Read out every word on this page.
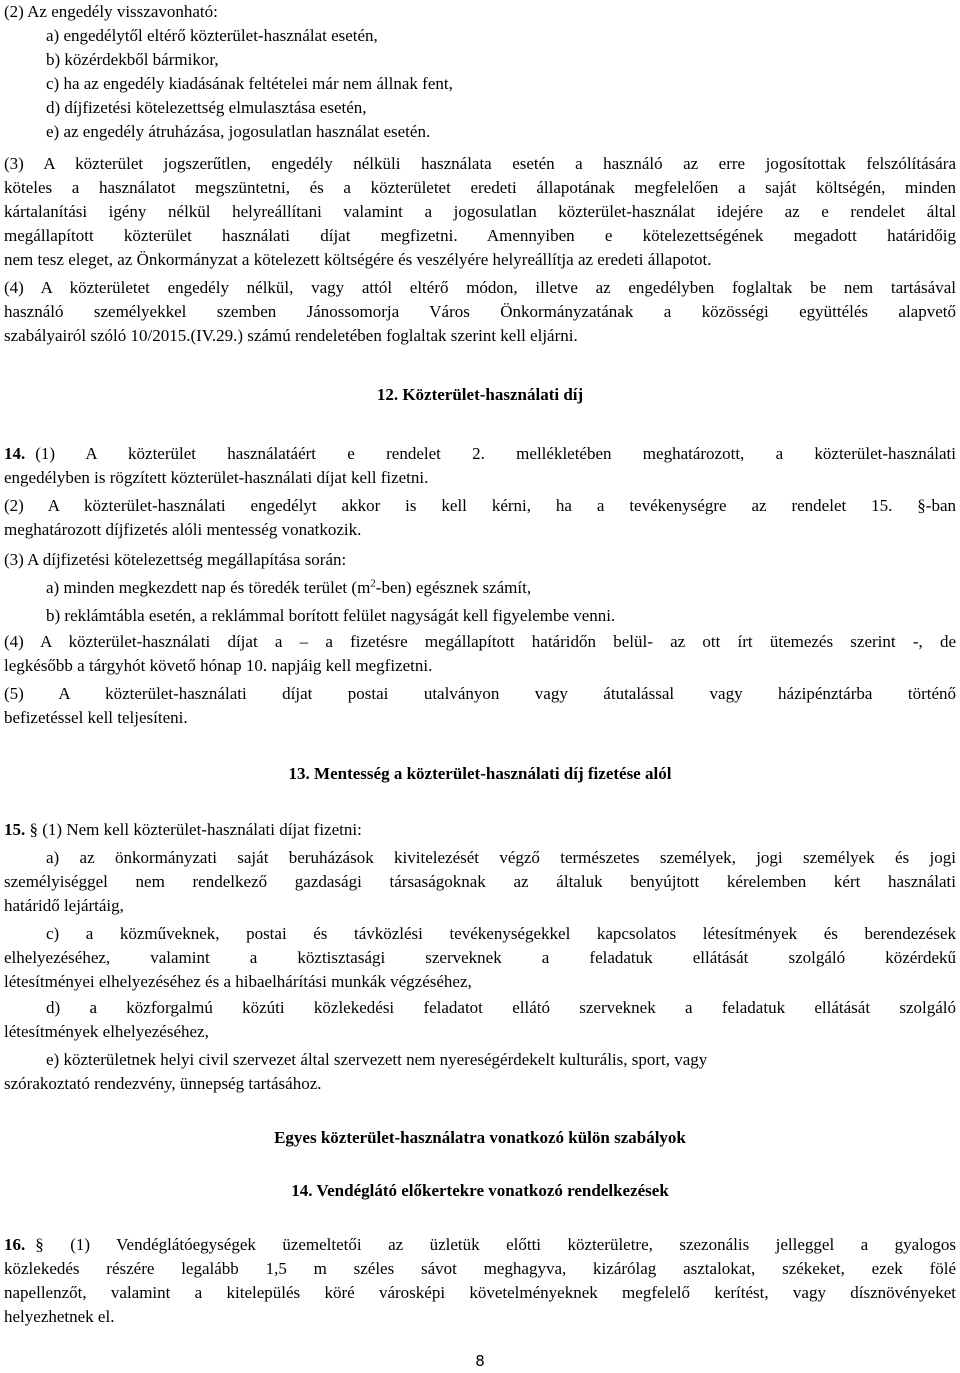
(2) Az engedély visszavonható:
a) engedélytől eltérő közterület-használat esetén,
b) közérdekből bármikor,
c) ha az engedély kiadásának feltételei már nem állnak fent,
d) díjfizetési kötelezettség elmulasztása esetén,
e) az engedély átruházása, jogosulatlan használat esetén.
(3) A közterület jogszerűtlen, engedély nélküli használata esetén a használó az erre jogosítottak felszólítására
köteles a használatot megszüntetni, és a közterületet eredeti állapotának megfelelően a saját költségén, minden
kártalanítási igény nélkül helyreállítani valamint a jogosulatlan közterület-használat idejére az e rendelet által
megállapított közterület használati díjat megfizetni. Amennyiben e kötelezettségének megadott határidőig
nem tesz eleget, az Önkormányzat a kötelezett költségére és veszélyére helyreállítja az eredeti állapotot.
(4) A közterületet engedély nélkül, vagy attól eltérő módon, illetve az engedélyben foglaltak be nem tartásával
használó személyekkel szemben Jánossomorja Város Önkormányzatának a közösségi együttélés alapvető
szabályairól szóló 10/2015.(IV.29.) számú rendeletében foglaltak szerint kell eljárni.
12. Közterület-használati díj
14. (1) A közterület használatáért e rendelet 2. mellékletében meghatározott, a közterület-használati
engedélyben is rögzített közterület-használati díjat kell fizetni.
(2) A közterület-használati engedélyt akkor is kell kérni, ha a tevékenységre az rendelet 15. §-ban
meghatározott díjfizetés alóli mentesség vonatkozik.
(3) A díjfizetési kötelezettség megállapítása során:
a) minden megkezdett nap és töredék terület $(m^2-ben)$ egésznek számít,
b) reklámtábla esetén, a reklámmal borított felület nagyságát kell figyelembe venni.
(4) A közterület-használati díjat a – a fizetésre megállapított határidőn belül- az ott írt ütemezés szerint -, de
legkésőbb a tárgyhót követő hónap 10. napjáig kell megfizetni.
(5) A közterület-használati díjat postai utalványon vagy átutalással vagy házipénztárba történő
befizetéssel kell teljesíteni.
13. Mentesség a közterület-használati díj fizetése alól
15. § (1) Nem kell közterület-használati díjat fizetni:
a) az önkormányzati saját beruházások kivitelezését végző természetes személyek, jogi személyek és jogi
személyiséggel nem rendelkező gazdasági társaságoknak az általuk benyújtott kérelemben kért használati
határidő lejártáig,
c) a közműveknek, postai és távközlési tevékenységekkel kapcsolatos létesítmények és berendezések
elhelyezéséhez, valamint a köztisztasági szerveknek a feladatuk ellátását szolgáló közérdekű
létesítményei elhelyezéséhez és a hibaelhárítási munkák végzéséhez,
d) a közforgalmú közúti közlekedési feladatot ellátó szerveknek a feladatuk ellátását szolgáló
létesítmények elhelyezéséhez,
e) közterületnek helyi civil szervezet által szervezett nem nyereségérdekelt kulturális, sport, vagy
szórakoztató rendezvény, ünnepség tartásához.
Egyes közterület-használatra vonatkozó külön szabályok
14. Vendéglátó előkertekre vonatkozó rendelkezések
16. § (1) Vendéglátóegységek üzemeltetői az üzletük előtti közterületre, szezonális jelleggel a gyalogos
közlekedés részére legalább 1,5 m széles sávot meghagyva, kizárólag asztalokat, székeket, ezek fölé
napellenzőt, valamint a kitelepülés köré városképi követelményeknek megfelelő kerítést, vagy dísznövényeket
helyezhetnek el.
8
